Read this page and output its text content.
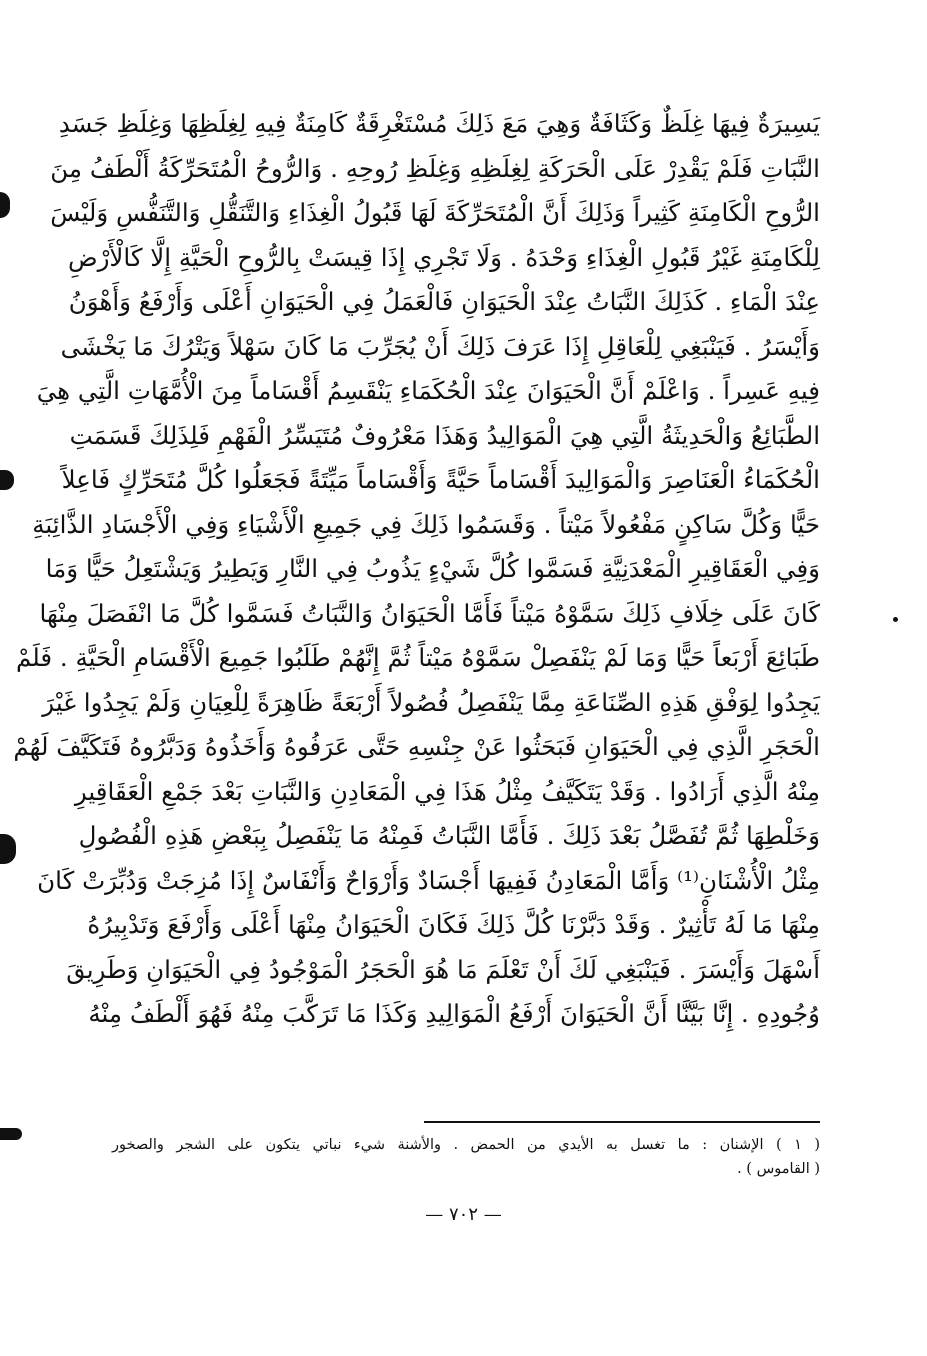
يَسِيرَةٌ فِيهَا غِلَظٌ وَكَثَافَةٌ وَهِيَ مَعَ ذَلِكَ مُسْتَغْرِقَةٌ كَامِنَةٌ فِيهِ لِغِلَظِهَا وَغِلَظِ جَسَدِ
النَّبَاتِ فَلَمْ يَقْدِرْ عَلَى الْحَرَكَةِ لِغِلَظِهِ وَغِلَظِ رُوحِهِ . وَالرُّوحُ الْمُتَحَرِّكَةُ أَلْطَفُ مِنَ
الرُّوحِ الْكَامِنَةِ كَثِيراً وَذَلِكَ أَنَّ الْمُتَحَرِّكَةَ لَهَا قَبُولُ الْغِذَاءِ وَالتَّنَقُّلِ وَالتَّنَفُّسِ وَلَيْسَ
لِلْكَامِنَةِ غَيْرُ قَبُولِ الْغِذَاءِ وَحْدَهُ . وَلَا تَجْرِي إِذَا قِيسَتْ بِالرُّوحِ الْحَيَّةِ إِلَّا كَالْأَرْضِ
عِنْدَ الْمَاءِ . كَذَلِكَ النَّبَاتُ عِنْدَ الْحَيَوَانِ فَالْعَمَلُ فِي الْحَيَوَانِ أَعْلَى وَأَرْفَعُ وَأَهْوَنُ
وَأَيْسَرُ . فَيَنْبَغِي لِلْعَاقِلِ إِذَا عَرَفَ ذَلِكَ أَنْ يُجَرِّبَ مَا كَانَ سَهْلاً وَيَتْرُكَ مَا يَخْشَى
فِيهِ عَسِراً . وَاعْلَمْ أَنَّ الْحَيَوَانَ عِنْدَ الْحُكَمَاءِ يَنْقَسِمُ أَقْسَاماً مِنَ الْأُمَّهَاتِ الَّتِي هِيَ
الطَّبَائِعُ وَالْحَدِيثَةُ الَّتِي هِيَ الْمَوَالِيدُ وَهَذَا مَعْرُوفٌ مُتَيَسِّرُ الْفَهْمِ فَلِذَلِكَ قَسَمَتِ
الْحُكَمَاءُ الْعَنَاصِرَ وَالْمَوَالِيدَ أَقْسَاماً حَيَّةً وَأَقْسَاماً مَيِّتَةً فَجَعَلُوا كُلَّ مُتَحَرِّكٍ فَاعِلاً
حَيًّا وَكُلَّ سَاكِنٍ مَفْعُولاً مَيْتاً . وَقَسَمُوا ذَلِكَ فِي جَمِيعِ الْأَشْيَاءِ وَفِي الْأَجْسَادِ الذَّائِبَةِ
وَفِي الْعَقَاقِيرِ الْمَعْدَنِيَّةِ فَسَمَّوا كُلَّ شَيْءٍ يَذُوبُ فِي النَّارِ وَيَطِيرُ وَيَشْتَعِلُ حَيًّا وَمَا
كَانَ عَلَى خِلَافِ ذَلِكَ سَمَّوْهُ مَيْتاً فَأَمَّا الْحَيَوَانُ وَالنَّبَاتُ فَسَمَّوا كُلَّ مَا انْفَصَلَ مِنْهَا
طَبَائِعَ أَرْبَعاً حَيًّا وَمَا لَمْ يَنْفَصِلْ سَمَّوْهُ مَيْتاً ثُمَّ إِنَّهُمْ طَلَبُوا جَمِيعَ الْأَقْسَامِ الْحَيَّةِ . فَلَمْ
يَجِدُوا لِوَفْقِ هَذِهِ الصِّنَاعَةِ مِمَّا يَنْفَصِلُ فُصُولاً أَرْبَعَةً ظَاهِرَةً لِلْعِيَانِ وَلَمْ يَجِدُوا غَيْرَ
الْحَجَرِ الَّذِي فِي الْحَيَوَانِ فَبَحَثُوا عَنْ جِنْسِهِ حَتَّى عَرَفُوهُ وَأَخَذُوهُ وَدَبَّرُوهُ فَتَكَيَّفَ لَهُمْ
مِنْهُ الَّذِي أَرَادُوا . وَقَدْ يَتَكَيَّفُ مِثْلُ هَذَا فِي الْمَعَادِنِ وَالنَّبَاتِ بَعْدَ جَمْعِ الْعَقَاقِيرِ
وَخَلْطِهَا ثُمَّ تُفَصَّلُ بَعْدَ ذَلِكَ . فَأَمَّا النَّبَاتُ فَمِنْهُ مَا يَنْفَصِلُ بِبَعْضِ هَذِهِ الْفُصُولِ
مِثْلُ الْأُشْنَانِ⁽¹⁾ وَأَمَّا الْمَعَادِنُ فَفِيهَا أَجْسَادٌ وَأَرْوَاحٌ وَأَنْفَاسٌ إِذَا مُزِجَتْ وَدُبِّرَتْ كَانَ
مِنْهَا مَا لَهُ تَأْثِيرٌ . وَقَدْ دَبَّرْنَا كُلَّ ذَلِكَ فَكَانَ الْحَيَوَانُ مِنْهَا أَعْلَى وَأَرْفَعَ وَتَدْبِيرُهُ
أَسْهَلَ وَأَيْسَرَ . فَيَنْبَغِي لَكَ أَنْ تَعْلَمَ مَا هُوَ الْحَجَرُ الْمَوْجُودُ فِي الْحَيَوَانِ وَطَرِيقَ
وُجُودِهِ . إِنَّا بَيَّنَّا أَنَّ الْحَيَوَانَ أَرْفَعُ الْمَوَالِيدِ وَكَذَا مَا تَرَكَّبَ مِنْهُ فَهُوَ أَلْطَفُ مِنْهُ
( ١ ) الإشنان : ما تغسل به الأيدي من الحمض . والأشنة شيء نباتي يتكون على الشجر والصخور
( القاموس ) .
— ٧٠٢ —
